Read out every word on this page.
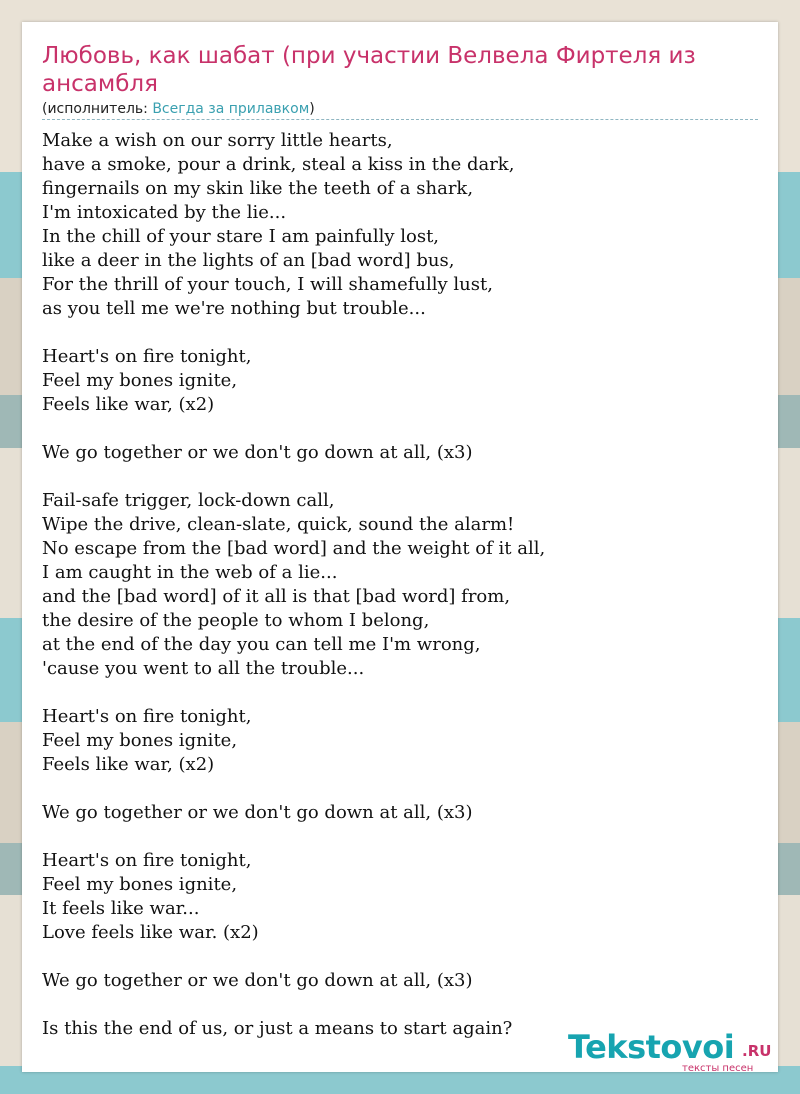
Любовь, как шабат (при участии Велвела Фиртеля из ансамбля
(исполнитель: Всегда за прилавком)
Make a wish on our sorry little hearts,
have a smoke, pour a drink, steal a kiss in the dark,
fingernails on my skin like the teeth of a shark,
I'm intoxicated by the lie...
In the chill of your stare I am painfully lost,
like a deer in the lights of an [bad word] bus,
For the thrill of your touch, I will shamefully lust,
as you tell me we're nothing but trouble...
Heart's on fire tonight,
Feel my bones ignite,
Feels like war, (x2)
We go together or we don't go down at all, (x3)
Fail-safe trigger, lock-down call,
Wipe the drive, clean-slate, quick, sound the alarm!
No escape from the [bad word] and the weight of it all,
I am caught in the web of a lie...
and the [bad word] of it all is that [bad word] from,
the desire of the people to whom I belong,
at the end of the day you can tell me I'm wrong,
'cause you went to all the trouble...
Heart's on fire tonight,
Feel my bones ignite,
Feels like war, (x2)
We go together or we don't go down at all, (x3)
Heart's on fire tonight,
Feel my bones ignite,
It feels like war...
Love feels like war. (x2)
We go together or we don't go down at all, (x3)
Is this the end of us, or just a means to start again?	Tekstovoi .RU
тексты песен
